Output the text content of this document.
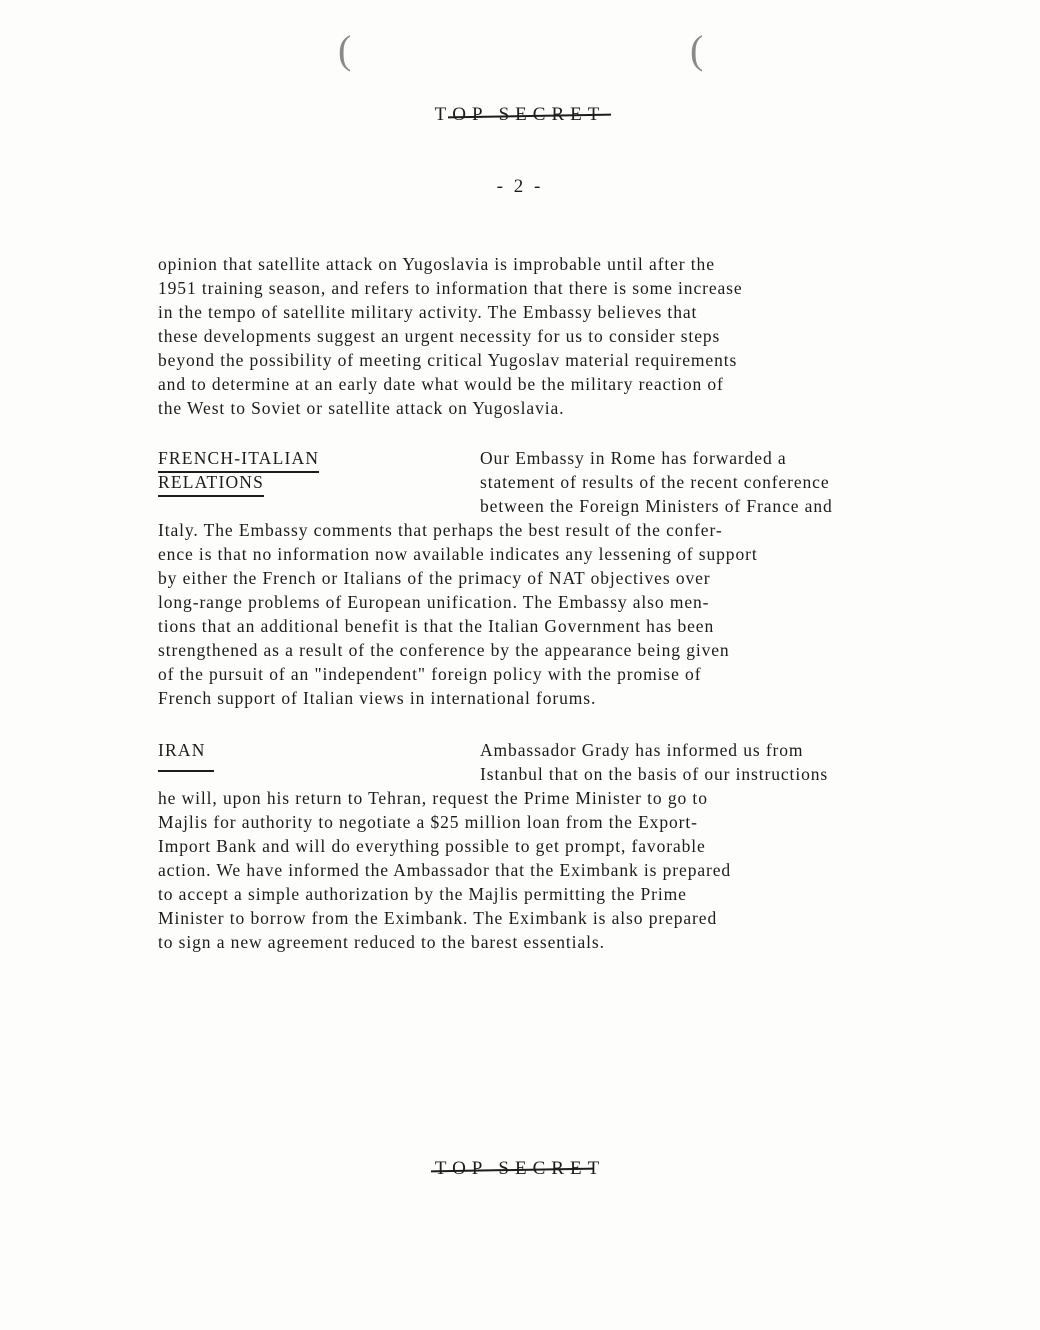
(	(
TOP SECRET
- 2 -
opinion that satellite attack on Yugoslavia is improbable until after the
1951 training season, and refers to information that there is some increase
in the tempo of satellite military activity. The Embassy believes that
these developments suggest an urgent necessity for us to consider steps
beyond the possibility of meeting critical Yugoslav material requirements
and to determine at an early date what would be the military reaction of
the West to Soviet or satellite attack on Yugoslavia.
FRENCH-ITALIAN
RELATIONS
Our Embassy in Rome has forwarded a
statement of results of the recent conference
between the Foreign Ministers of France and
Italy. The Embassy comments that perhaps the best result of the confer-
ence is that no information now available indicates any lessening of support
by either the French or Italians of the primacy of NAT objectives over
long-range problems of European unification. The Embassy also men-
tions that an additional benefit is that the Italian Government has been
strengthened as a result of the conference by the appearance being given
of the pursuit of an "independent" foreign policy with the promise of
French support of Italian views in international forums.
IRAN	Ambassador Grady has informed us from
Istanbul that on the basis of our instructions
he will, upon his return to Tehran, request the Prime Minister to go to
Majlis for authority to negotiate a $25 million loan from the Export-
Import Bank and will do everything possible to get prompt, favorable
action. We have informed the Ambassador that the Eximbank is prepared
to accept a simple authorization by the Majlis permitting the Prime
Minister to borrow from the Eximbank. The Eximbank is also prepared
to sign a new agreement reduced to the barest essentials.
TOP SECRET
